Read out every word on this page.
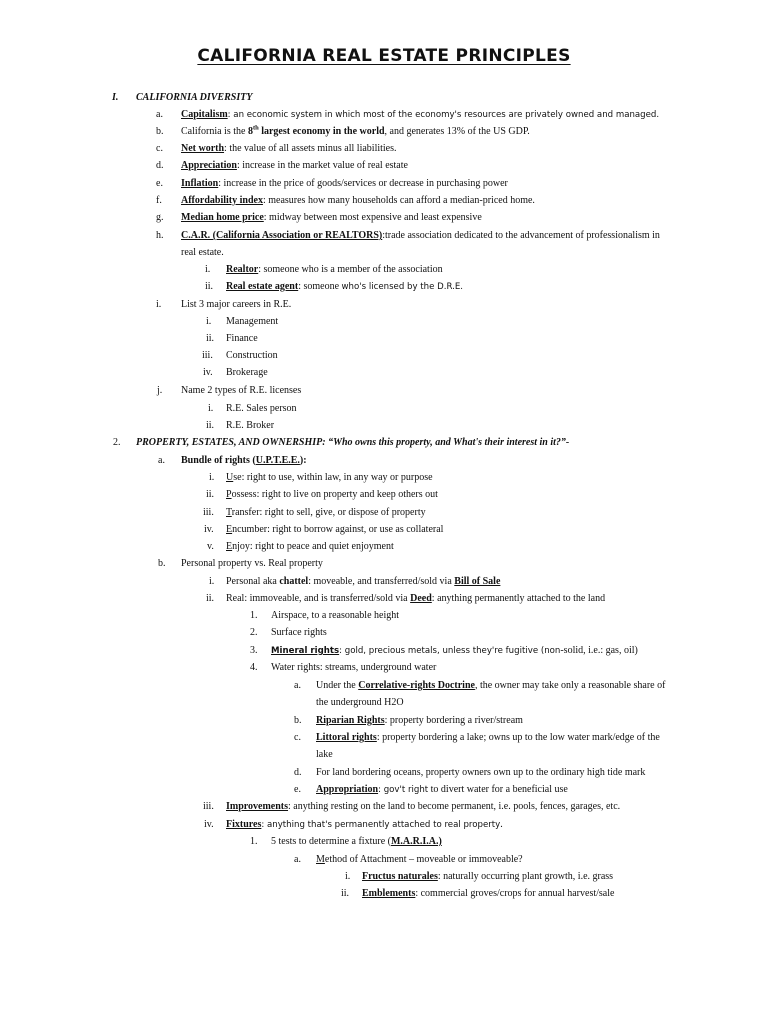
CALIFORNIA REAL ESTATE PRINCIPLES
I. CALIFORNIA DIVERSITY
a. Capitalism: an economic system in which most of the economy's resources are privately owned and managed.
b. California is the 8th largest economy in the world, and generates 13% of the US GDP.
c. Net worth: the value of all assets minus all liabilities.
d. Appreciation: increase in the market value of real estate
e. Inflation: increase in the price of goods/services or decrease in purchasing power
f. Affordability index: measures how many households can afford a median-priced home.
g. Median home price: midway between most expensive and least expensive
h. C.A.R. (California Association or REALTORS):trade association dedicated to the advancement of professionalism in
real estate.
i. Realtor: someone who is a member of the association
ii. Real estate agent: someone who's licensed by the D.R.E.
i. List 3 major careers in R.E.
i. Management
ii. Finance
iii. Construction
iv. Brokerage
j. Name 2 types of R.E. licenses
i. R.E. Sales person
ii. R.E. Broker
2. PROPERTY, ESTATES, AND OWNERSHIP: “Who owns this property, and What's their interest in it?”-
a. Bundle of rights (U.P.T.E.E.):
i. Use: right to use, within law, in any way or purpose
ii. Possess: right to live on property and keep others out
iii. Transfer: right to sell, give, or dispose of property
iv. Encumber: right to borrow against, or use as collateral
v. Enjoy: right to peace and quiet enjoyment
b. Personal property vs. Real property
i. Personal aka chattel: moveable, and transferred/sold via Bill of Sale
ii. Real: immoveable, and is transferred/sold via Deed: anything permanently attached to the land
1. Airspace, to a reasonable height
2. Surface rights
3. Mineral rights: gold, precious metals, unless they're fugitive (non-solid, i.e.: gas, oil)
4. Water rights: streams, underground water
a. Under the Correlative-rights Doctrine, the owner may take only a reasonable share of
the underground H2O
b. Riparian Rights: property bordering a river/stream
c. Littoral rights: property bordering a lake; owns up to the low water mark/edge of the
lake
d. For land bordering oceans, property owners own up to the ordinary high tide mark
e. Appropriation: gov't right to divert water for a beneficial use
iii. Improvements: anything resting on the land to become permanent, i.e. pools, fences, garages, etc.
iv. Fixtures: anything that's permanently attached to real property.
1. 5 tests to determine a fixture (M.A.R.I.A.)
a. Method of Attachment – moveable or immoveable?
i. Fructus naturales: naturally occurring plant growth, i.e. grass
ii. Emblements: commercial groves/crops for annual harvest/sale
